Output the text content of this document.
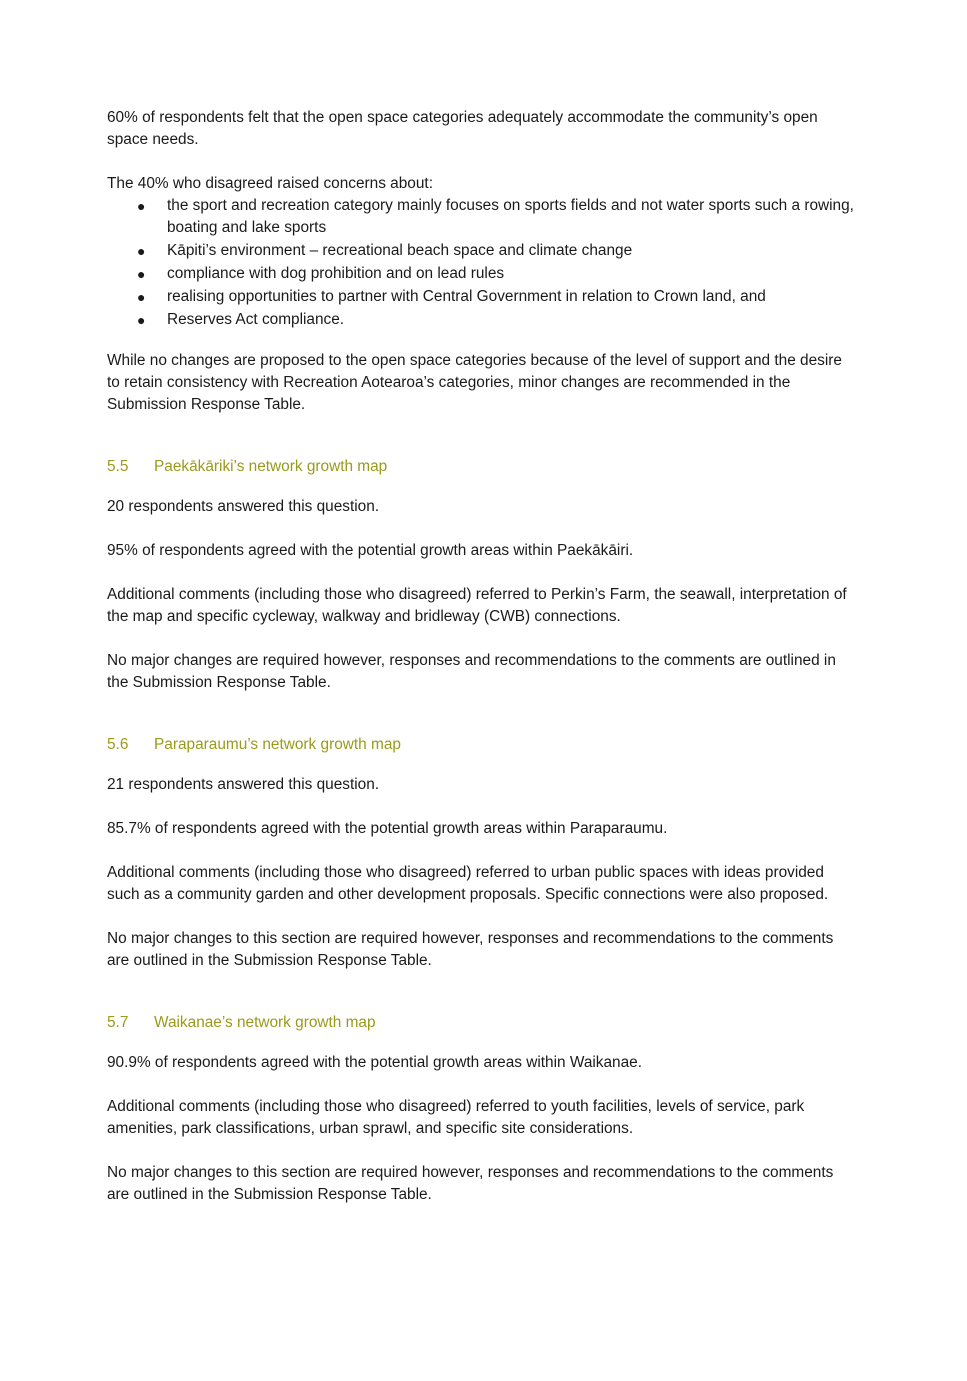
60% of respondents felt that the open space categories adequately accommodate the community’s open space needs.

The 40% who disagreed raised concerns about:

● the sport and recreation category mainly focuses on sports fields and not water sports such a rowing, boating and lake sports
● Kāpiti’s environment – recreational beach space and climate change
● compliance with dog prohibition and on lead rules
● realising opportunities to partner with Central Government in relation to Crown land, and
● Reserves Act compliance.

While no changes are proposed to the open space categories because of the level of support and the desire to retain consistency with Recreation Aotearoa’s categories, minor changes are recommended in the Submission Response Table.

5.5	Paekākāriki’s network growth map

20 respondents answered this question.

95% of respondents agreed with the potential growth areas within Paekākāiri.

Additional comments (including those who disagreed) referred to Perkin’s Farm, the seawall, interpretation of the map and specific cycleway, walkway and bridleway (CWB) connections.

No major changes are required however, responses and recommendations to the comments are outlined in the Submission Response Table.

5.6	Paraparaumu’s network growth map

21 respondents answered this question.

85.7% of respondents agreed with the potential growth areas within Paraparaumu.

Additional comments (including those who disagreed) referred to urban public spaces with ideas provided such as a community garden and other development proposals. Specific connections were also proposed.

No major changes to this section are required however, responses and recommendations to the comments are outlined in the Submission Response Table.

5.7	Waikanae’s network growth map

90.9% of respondents agreed with the potential growth areas within Waikanae.

Additional comments (including those who disagreed) referred to youth facilities, levels of service, park amenities, park classifications, urban sprawl, and specific site considerations.

No major changes to this section are required however, responses and recommendations to the comments are outlined in the Submission Response Table.
